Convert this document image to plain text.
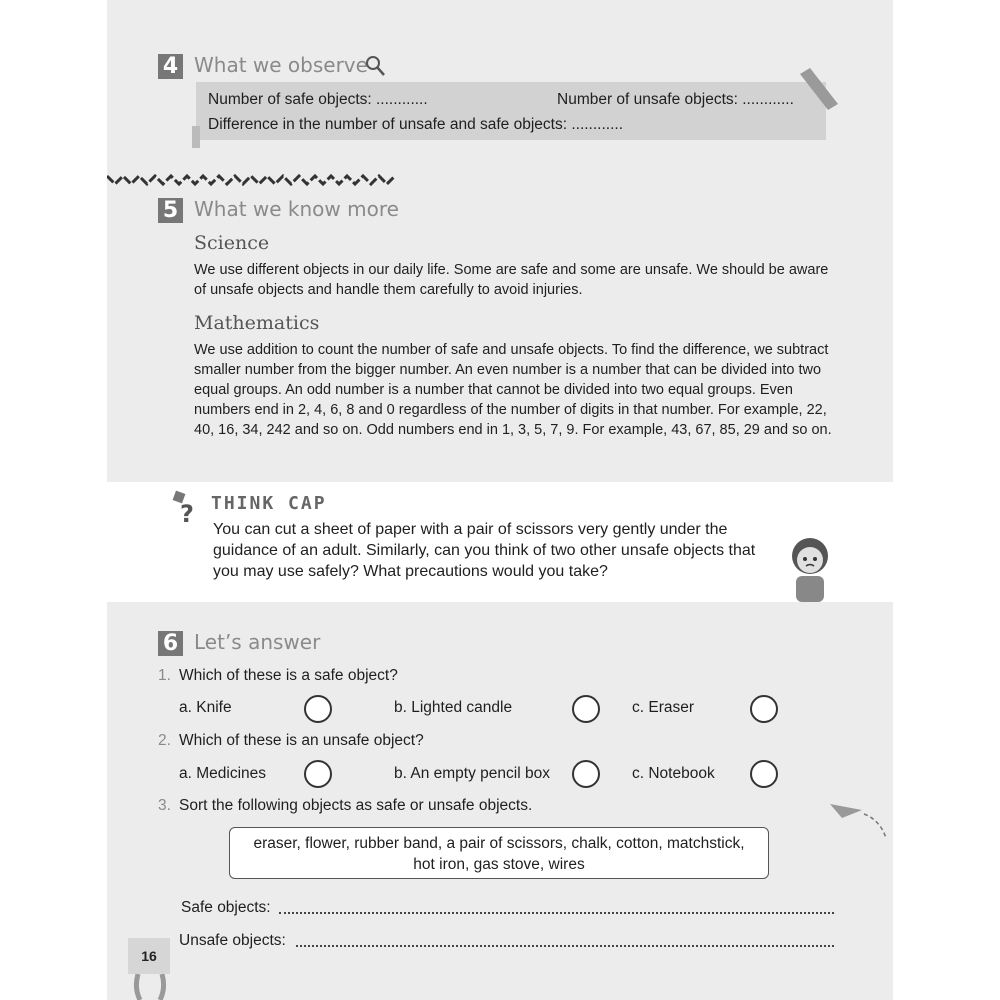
4 What we observe
Number of safe objects: ............	Number of unsafe objects: ............
Difference in the number of unsafe and safe objects: ............
5 What we know more
Science
We use different objects in our daily life. Some are safe and some are unsafe. We should be aware of unsafe objects and handle them carefully to avoid injuries.
Mathematics
We use addition to count the number of safe and unsafe objects. To find the difference, we subtract smaller number from the bigger number. An even number is a number that can be divided into two equal groups. An odd number is a number that cannot be divided into two equal groups. Even numbers end in 2, 4, 6, 8 and 0 regardless of the number of digits in that number. For example, 22, 40, 16, 34, 242 and so on. Odd numbers end in 1, 3, 5, 7, 9. For example, 43, 67, 85, 29 and so on.
? THINK CAP
You can cut a sheet of paper with a pair of scissors very gently under the guidance of an adult. Similarly, can you think of two other unsafe objects that you may use safely? What precautions would you take?
6 Let’s answer
1. Which of these is a safe object?
a. Knife	b. Lighted candle	c. Eraser
2. Which of these is an unsafe object?
a. Medicines	b. An empty pencil box	c. Notebook
3. Sort the following objects as safe or unsafe objects.
eraser, flower, rubber band, a pair of scissors, chalk, cotton, matchstick,
hot iron, gas stove, wires
Safe objects:
Unsafe objects:
16
